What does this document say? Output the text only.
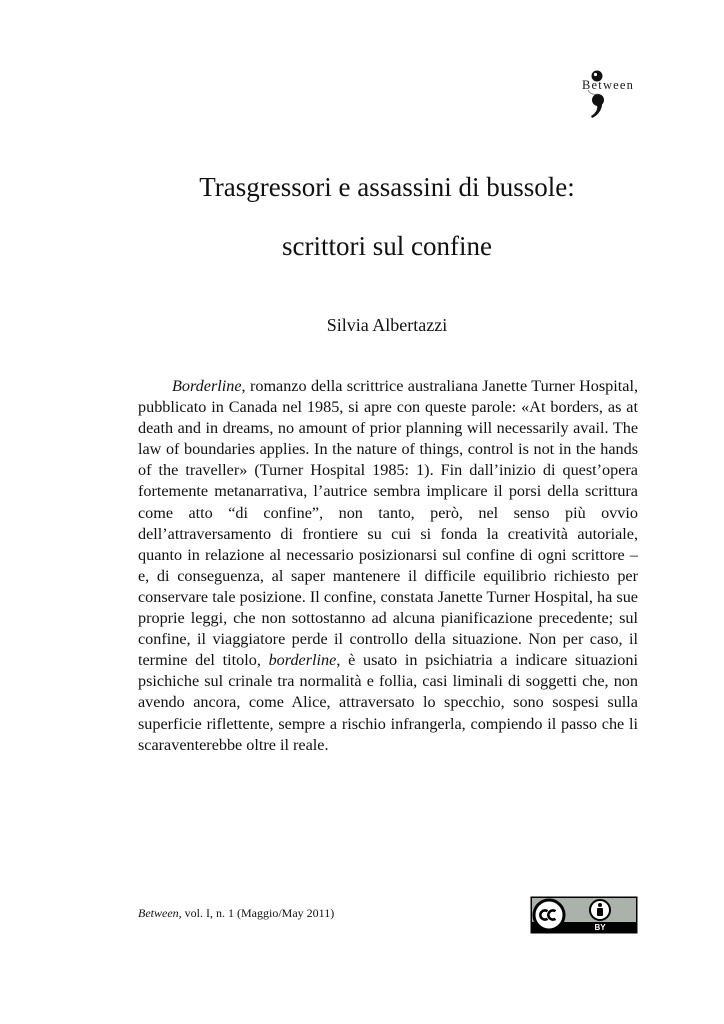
Between
Trasgressori e assassini di bussole:
scrittori sul confine
Silvia Albertazzi

Borderline, romanzo della scrittrice australiana Janette Turner Hospital, pubblicato in Canada nel 1985, si apre con queste parole: «At borders, as at death and in dreams, no amount of prior planning will necessarily avail. The law of boundaries applies. In the nature of things, control is not in the hands of the traveller» (Turner Hospital 1985: 1). Fin dall’inizio di quest’opera fortemente metanarrativa, l’autrice sembra implicare il porsi della scrittura come atto “di confine”, non tanto, però, nel senso più ovvio dell’attraversamento di frontiere su cui si fonda la creatività autoriale, quanto in relazione al necessario posizionarsi sul confine di ogni scrittore – e, di conseguenza, al saper mantenere il difficile equilibrio richiesto per conservare tale posizione. Il confine, constata Janette Turner Hospital, ha sue proprie leggi, che non sottostanno ad alcuna pianificazione precedente; sul confine, il viaggiatore perde il controllo della situazione. Non per caso, il termine del titolo, borderline, è usato in psichiatria a indicare situazioni psichiche sul crinale tra normalità e follia, casi liminali di soggetti che, non avendo ancora, come Alice, attraversato lo specchio, sono sospesi sulla superficie riflettente, sempre a rischio infrangerla, compiendo il passo che li scaraventerebbe oltre il reale.

Between, vol. I, n. 1 (Maggio/May 2011)
BY
